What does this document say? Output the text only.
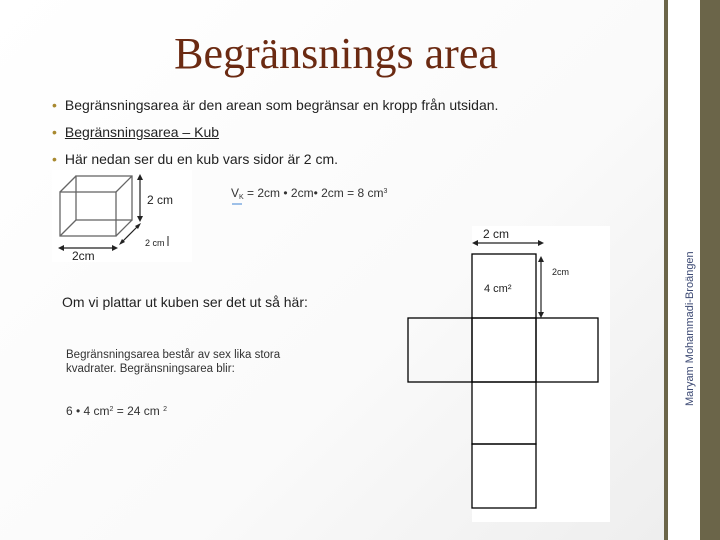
Maryam Mohammadi-Broängen
Begränsnings area
• Begränsningsarea är den arean som begränsar en kropp från utsidan.
• Begränsningsarea – Kub
• Här nedan ser du en kub vars sidor är 2 cm.
2 cm
2 cm
2cm
$V_K = 2cm$ • 2cm• 2cm = 8 $cm^3$
Om vi plattar ut kuben ser det ut så här:
Begränsningsarea består av sex lika stora kvadrater. Begränsningsarea blir:
6 • 4 $cm^2 = 24$ cm $^2$
2 cm
2cm
4 cm²
